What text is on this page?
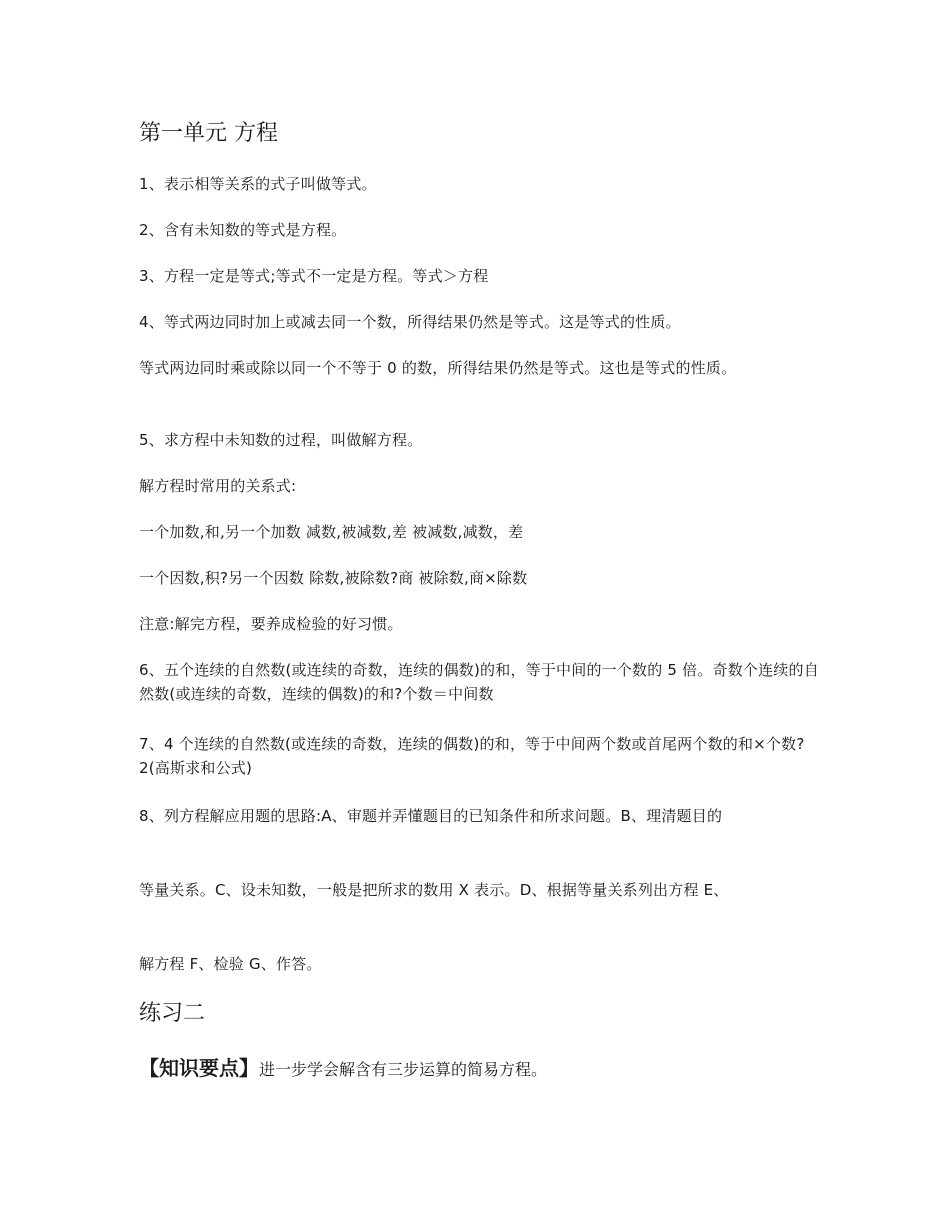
第一单元 方程
1、表示相等关系的式子叫做等式。
2、含有未知数的等式是方程。
3、方程一定是等式;等式不一定是方程。等式＞方程
4、等式两边同时加上或减去同一个数，所得结果仍然是等式。这是等式的性质。
等式两边同时乘或除以同一个不等于 0 的数，所得结果仍然是等式。这也是等式的性质。
5、求方程中未知数的过程，叫做解方程。
解方程时常用的关系式:
一个加数,和,另一个加数 减数,被减数,差 被减数,减数，差
一个因数,积?另一个因数 除数,被除数?商 被除数,商×除数
注意:解完方程，要养成检验的好习惯。
6、五个连续的自然数(或连续的奇数，连续的偶数)的和，等于中间的一个数的 5 倍。奇数个连续的自然数(或连续的奇数，连续的偶数)的和?个数＝中间数
7、4 个连续的自然数(或连续的奇数，连续的偶数)的和，等于中间两个数或首尾两个数的和×个数?2(高斯求和公式)
8、列方程解应用题的思路:A、审题并弄懂题目的已知条件和所求问题。B、理清题目的
等量关系。C、设未知数，一般是把所求的数用 X 表示。D、根据等量关系列出方程 E、
解方程 F、检验 G、作答。
练习二
【知识要点】进一步学会解含有三步运算的简易方程。
